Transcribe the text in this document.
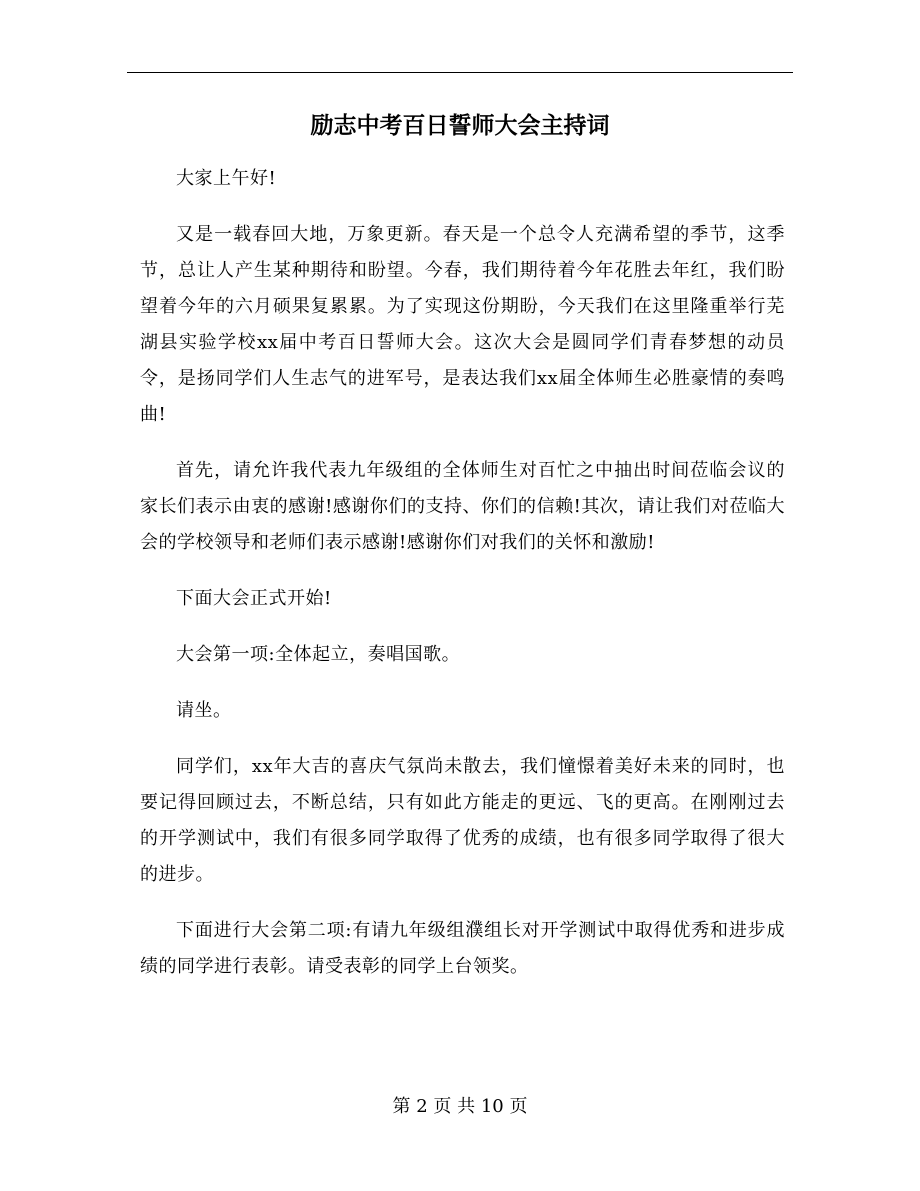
励志中考百日誓师大会主持词

大家上午好!

又是一载春回大地，万象更新。春天是一个总令人充满希望的季节，这季节，总让人产生某种期待和盼望。今春，我们期待着今年花胜去年红，我们盼望着今年的六月硕果复累累。为了实现这份期盼，今天我们在这里隆重举行芜湖县实验学校xx届中考百日誓师大会。这次大会是圆同学们青春梦想的动员令，是扬同学们人生志气的进军号，是表达我们xx届全体师生必胜豪情的奏鸣曲!

首先，请允许我代表九年级组的全体师生对百忙之中抽出时间莅临会议的家长们表示由衷的感谢!感谢你们的支持、你们的信赖!其次，请让我们对莅临大会的学校领导和老师们表示感谢!感谢你们对我们的关怀和激励!

下面大会正式开始!

大会第一项:全体起立，奏唱国歌。

请坐。

同学们，xx年大吉的喜庆气氛尚未散去，我们憧憬着美好未来的同时，也要记得回顾过去，不断总结，只有如此方能走的更远、飞的更高。在刚刚过去的开学测试中，我们有很多同学取得了优秀的成绩，也有很多同学取得了很大的进步。

下面进行大会第二项:有请九年级组濮组长对开学测试中取得优秀和进步成绩的同学进行表彰。请受表彰的同学上台领奖。

第 2 页 共 10 页
